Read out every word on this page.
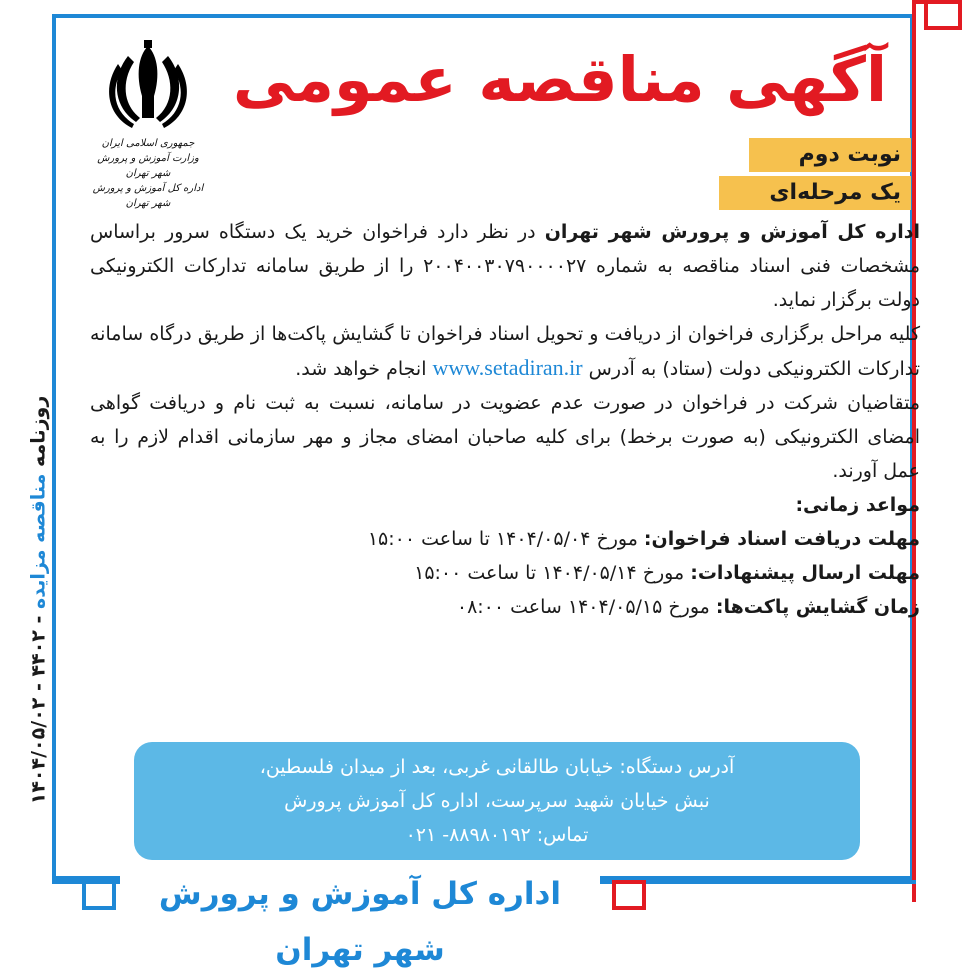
جمهوری اسلامی ایران
وزارت آموزش و پرورش شهر تهران
اداره کل آموزش و پرورش شهر تهران
آگهی مناقصه عمومی
نوبت دوم
یک مرحله‌ای

اداره کل آموزش و پرورش شهر تهران در نظر دارد فراخوان خرید یک دستگاه سرور براساس مشخصات فنی اسناد مناقصه به شماره ۲۰۰۴۰۰۳۰۷۹۰۰۰۰۲۷ را از طریق سامانه تدارکات الکترونیکی دولت برگزار نماید.

کلیه مراحل برگزاری فراخوان از دریافت و تحویل اسناد فراخوان تا گشایش پاکت‌ها از طریق درگاه سامانه تدارکات الکترونیکی دولت (ستاد) به آدرس www.setadiran.ir انجام خواهد شد.

متقاضیان شرکت در فراخوان در صورت عدم عضویت در سامانه، نسبت به ثبت نام و دریافت گواهی امضای الکترونیکی (به صورت برخط) برای کلیه صاحبان امضای مجاز و مهر سازمانی اقدام لازم را به عمل آورند.

مواعد زمانی:

مهلت دریافت اسناد فراخوان: مورخ ۱۴۰۴/۰۵/۰۴ تا ساعت ۱۵:۰۰

مهلت ارسال پیشنهادات: مورخ ۱۴۰۴/۰۵/۱۴ تا ساعت ۱۵:۰۰

زمان گشایش پاکت‌ها: مورخ ۱۴۰۴/۰۵/۱۵ ساعت ۰۸:۰۰

آدرس دستگاه: خیابان طالقانی غربی، بعد از میدان فلسطین،
نبش خیابان شهید سرپرست، اداره کل آموزش پرورش
تماس: ۸۸۹۸۰۱۹۲- ۰۲۱
اداره کل آموزش و پرورش شهر تهران
روزنامه مناقصه مزایده - ۴۴۰۲ - ۱۴۰۴/۰۵/۰۲
